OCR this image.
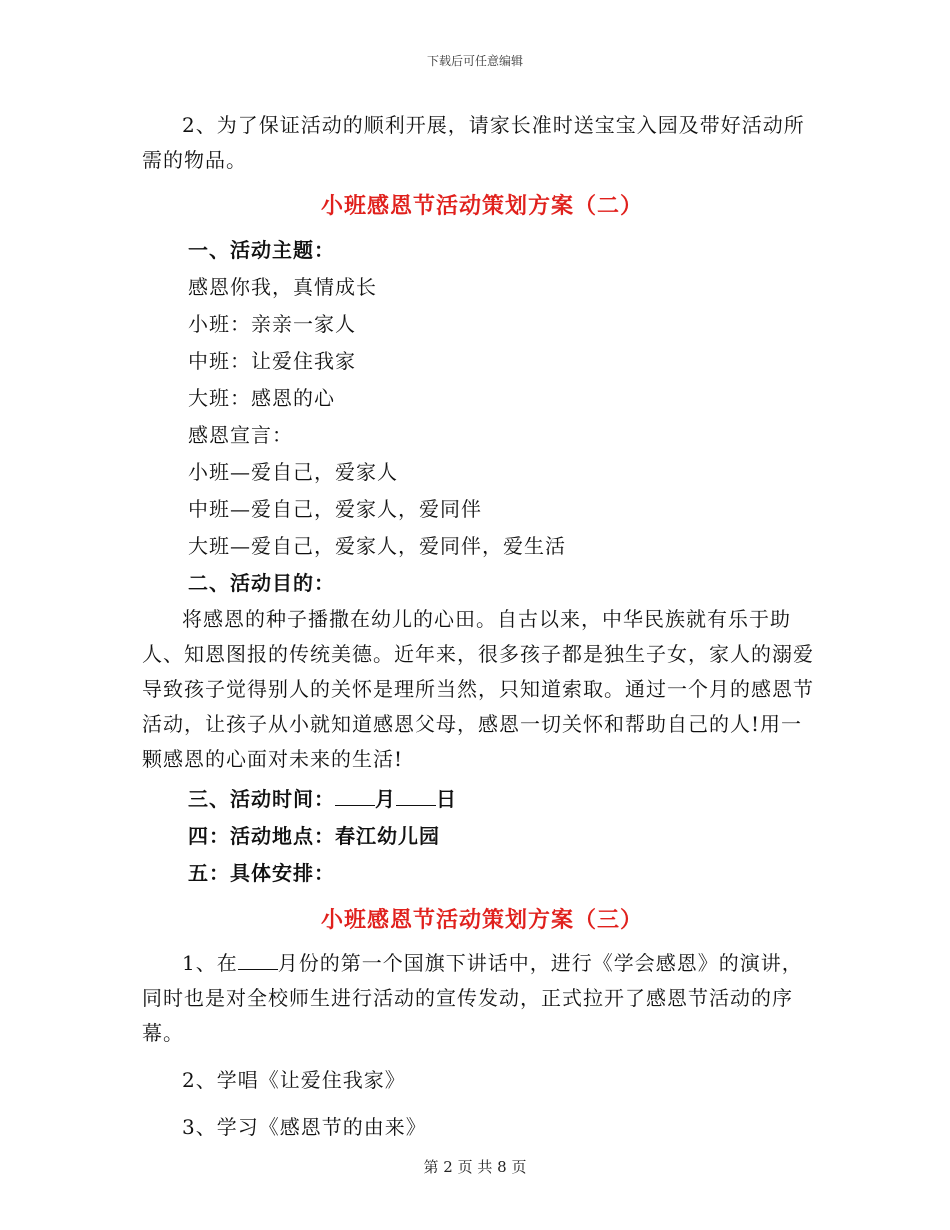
下载后可任意编辑

2、为了保证活动的顺利开展，请家长准时送宝宝入园及带好活动所需的物品。

小班感恩节活动策划方案（二）

一、活动主题：

感恩你我，真情成长

小班：亲亲一家人

中班：让爱住我家

大班：感恩的心

感恩宣言：

小班—爱自己，爱家人

中班—爱自己，爱家人，爱同伴

大班—爱自己，爱家人，爱同伴，爱生活

二、活动目的：

将感恩的种子播撒在幼儿的心田。自古以来，中华民族就有乐于助人、知恩图报的传统美德。近年来，很多孩子都是独生子女，家人的溺爱导致孩子觉得别人的关怀是理所当然，只知道索取。通过一个月的感恩节活动，让孩子从小就知道感恩父母，感恩一切关怀和帮助自己的人!用一颗感恩的心面对未来的生活!

三、活动时间： 月 日

四：活动地点：春江幼儿园

五：具体安排：

小班感恩节活动策划方案（三）

1、在 月份的第一个国旗下讲话中，进行《学会感恩》的演讲，同时也是对全校师生进行活动的宣传发动，正式拉开了感恩节活动的序幕。

2、学唱《让爱住我家》

3、学习《感恩节的由来》

第 2 页 共 8 页
